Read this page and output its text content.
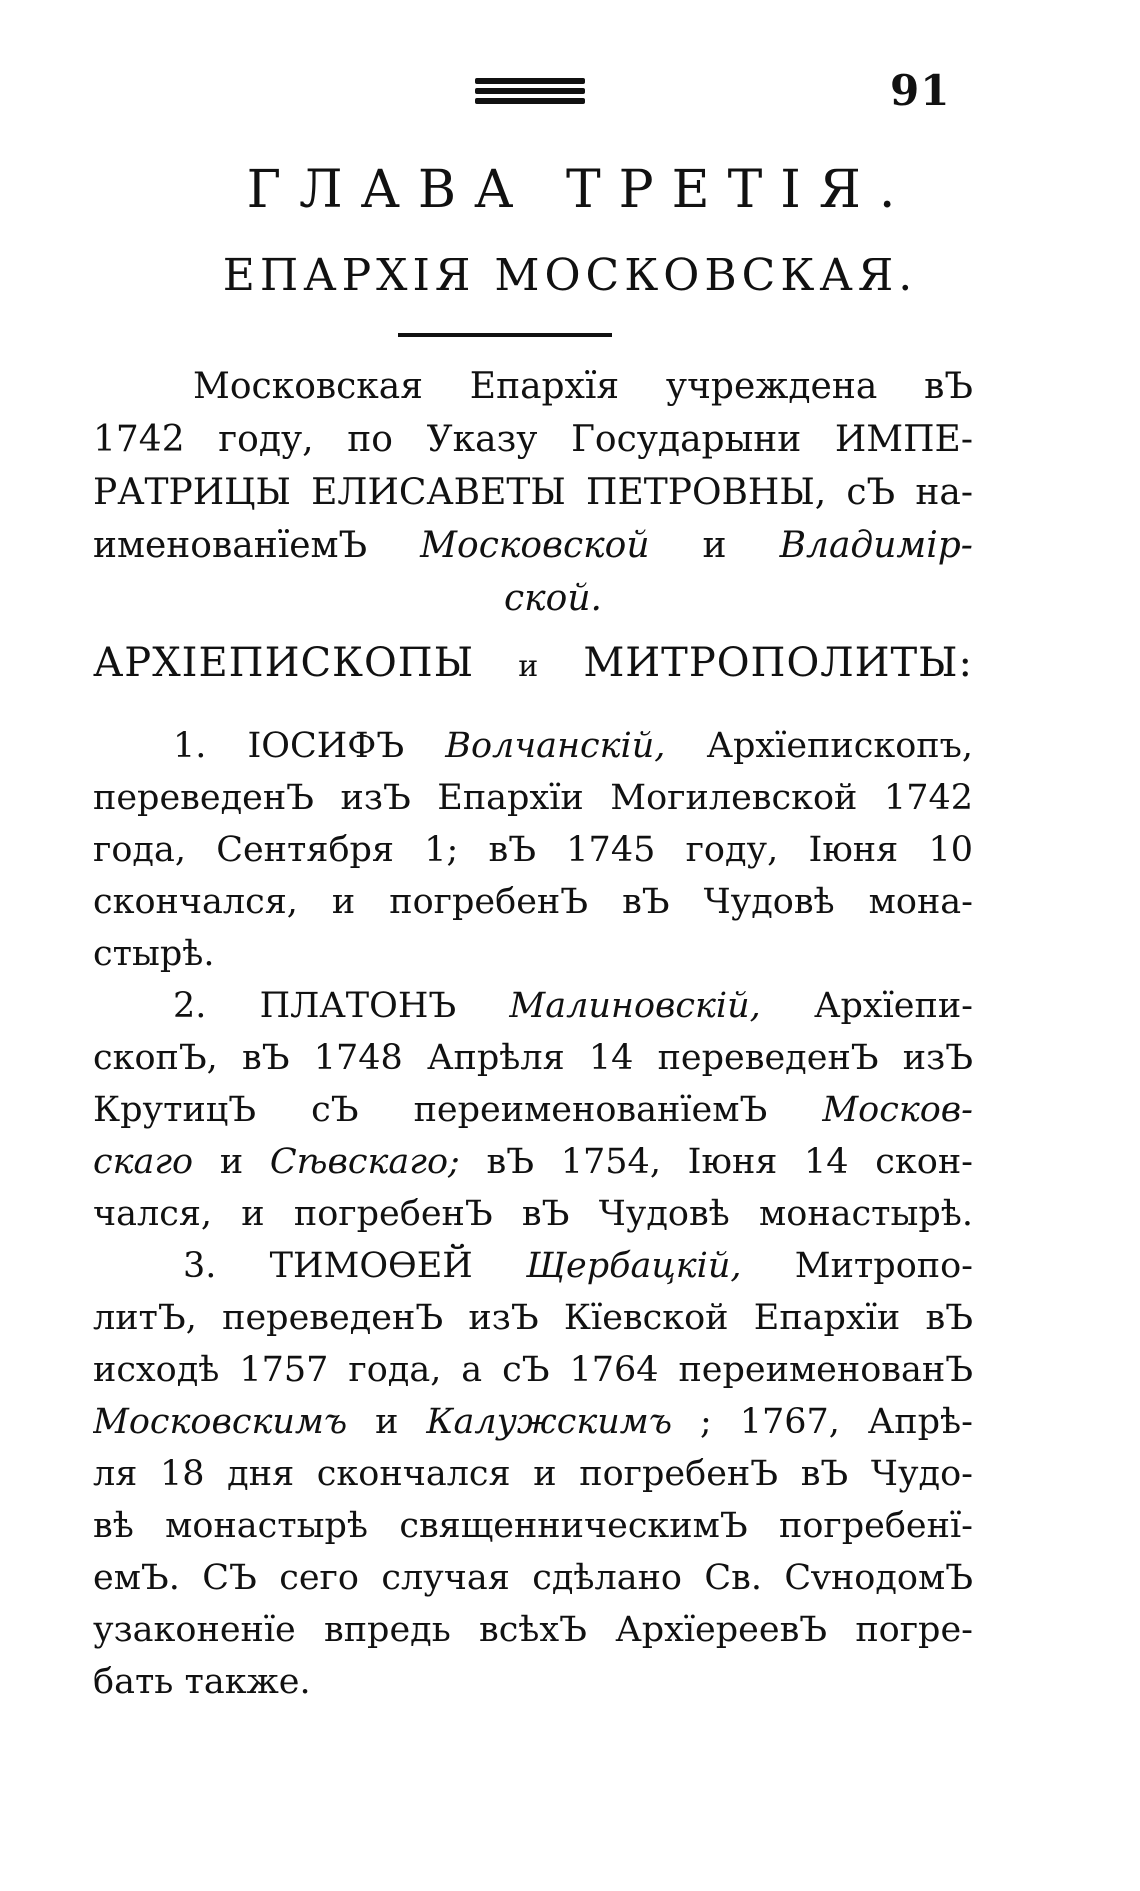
91
ГЛАВА ТРЕТІЯ.
ЕПАРХІЯ МОСКОВСКАЯ.
Московская Епархїя учреждена вЪ
1742 году, по Указу Государыни ИМПЕ-
РАТРИЦЫ ЕЛИСАВЕТЫ ПЕТРОВНЫ, сЪ на-
именованїемЪ Московской и Владимір-
ской.
АРХІЕПИСКОПЫ и МИТРОПОЛИТЫ:
1. ІОСИФЪ Волчанскій, Архїепископъ,
переведенЪ изЪ Епархїи Могилевской 1742
года, Сентября 1; вЪ 1745 году, Іюня 10
скончался, и погребенЪ вЪ Чудовѣ мона-
стырѣ.
2. ПЛАТОНЪ Малиновскій, Архїепи-
скопЪ, вЪ 1748 Апрѣля 14 переведенЪ изЪ
КрутицЪ сЪ переименованїемЪ Москов-
скаго и Сѣвскаго; вЪ 1754, Іюня 14 скон-
чался, и погребенЪ вЪ Чудовѣ монастырѣ.
3. ТИМОѲЕЙ Щербацкій, Митропо-
литЪ, переведенЪ изЪ Кїевской Епархїи вЪ
исходѣ 1757 года, а сЪ 1764 переименованЪ
Московскимъ и Калужскимъ ; 1767, Апрѣ-
ля 18 дня скончался и погребенЪ вЪ Чудо-
вѣ монастырѣ священническимЪ погребенї-
емЪ. СЪ сего случая сдѣлано Св. СvнодомЪ
узаконенїе впредь всѣхЪ АрхїереевЪ погре-
бать также.
